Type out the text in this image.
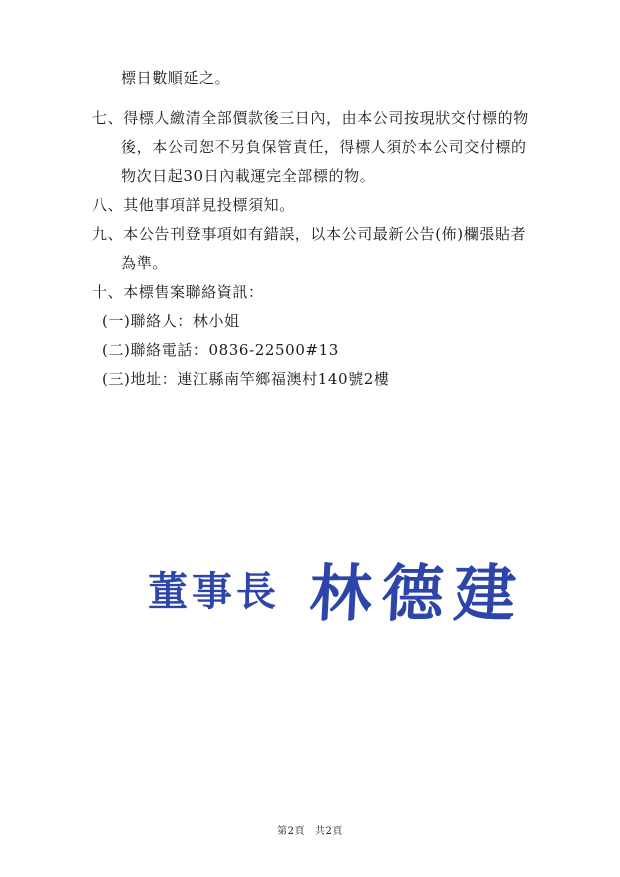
標日數順延之。
七、得標人繳清全部價款後三日內，由本公司按現狀交付標的物
後，本公司恕不另負保管責任，得標人須於本公司交付標的
物次日起30日內載運完全部標的物。
八、其他事項詳見投標須知。
九、本公告刊登事項如有錯誤，以本公司最新公告(佈)欄張貼者
為準。
十、本標售案聯絡資訊：
(一)聯絡人：林小姐
(二)聯絡電話：0836-22500#13
(三)地址：連江縣南竿鄉福澳村140號2樓
董事長 林德建
第2頁 共2頁
